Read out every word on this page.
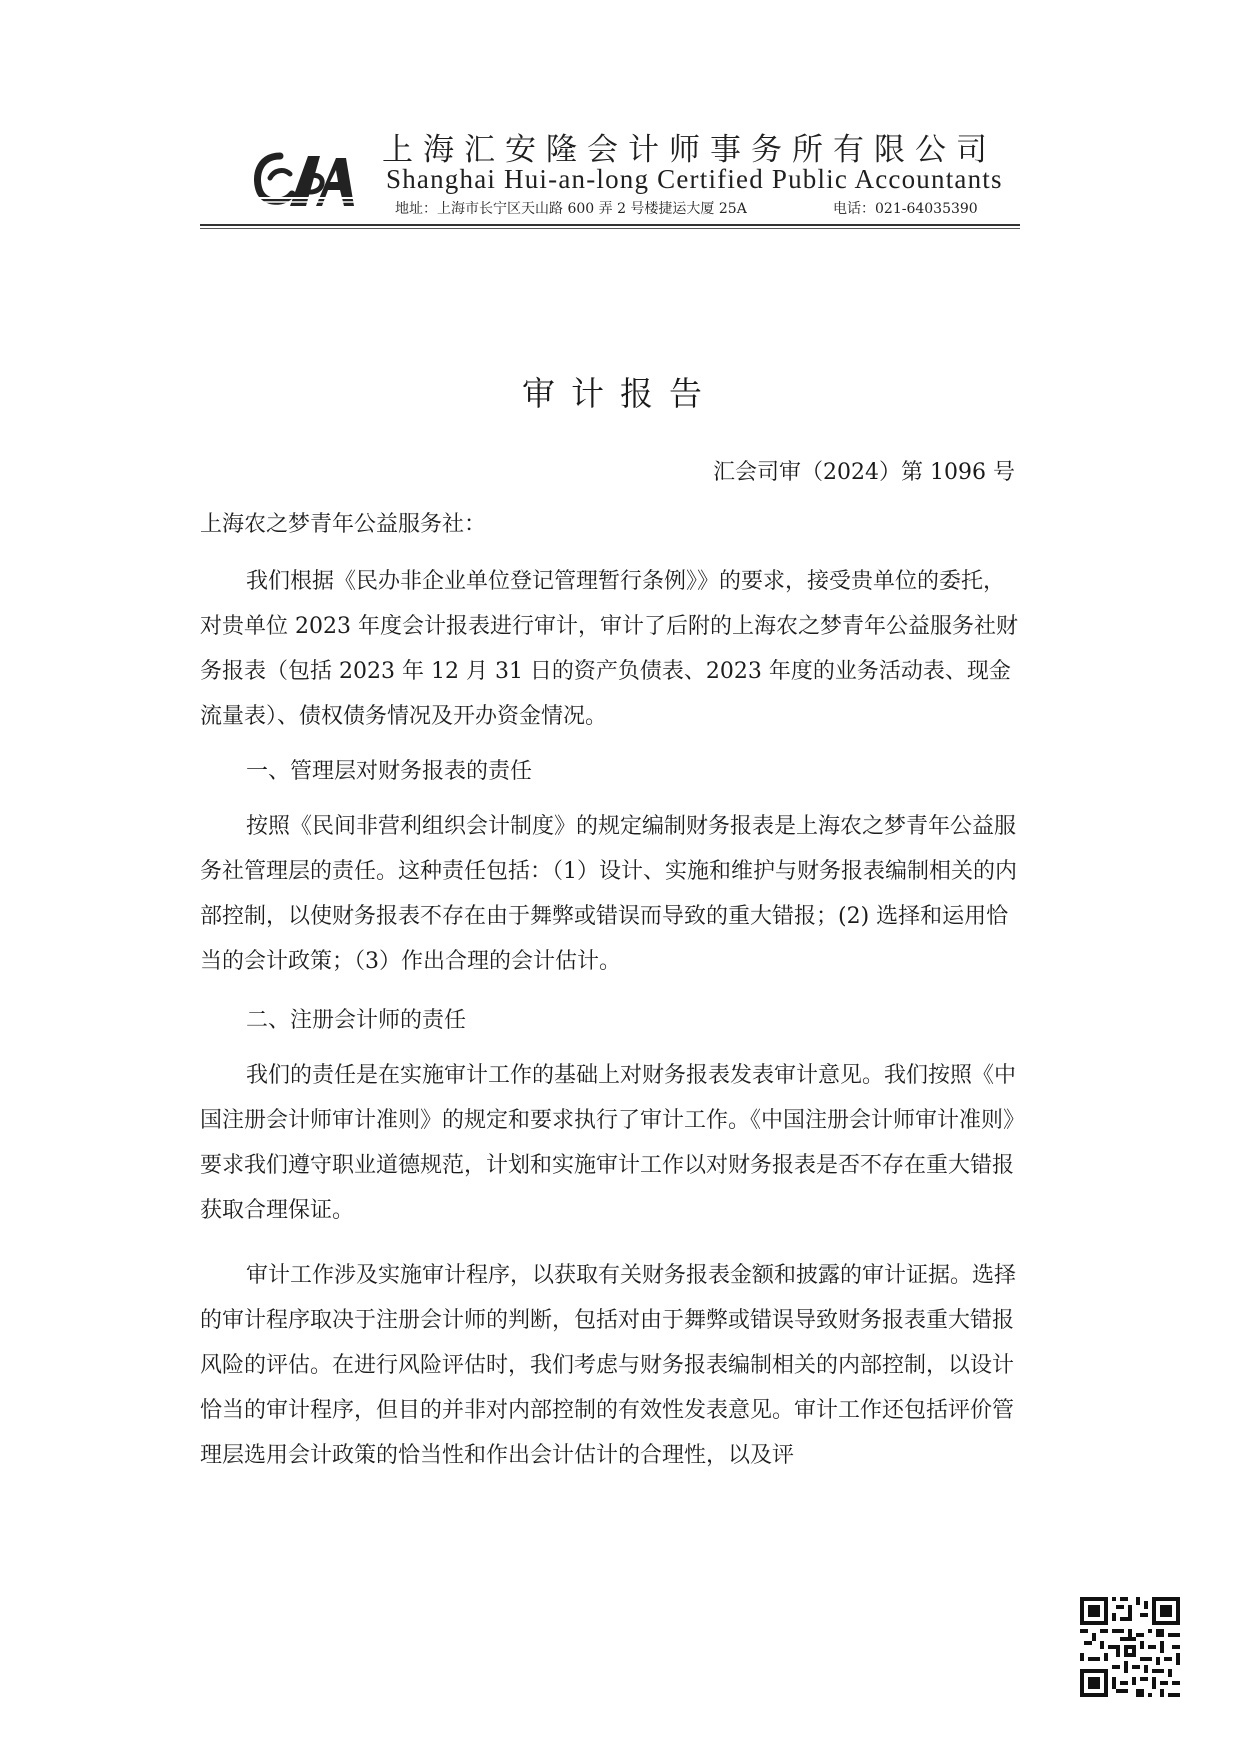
上海汇安隆会计师事务所有限公司
Shanghai Hui-an-long Certified Public Accountants
地址：上海市长宁区天山路 600 弄 2 号楼捷运大厦 25A	电话：021-64035390
审计报告
汇会司审（2024）第 1096 号

上海农之梦青年公益服务社：

我们根据《民办非企业单位登记管理暂行条例》》的要求，接受贵单位的委托，对贵单位 2023 年度会计报表进行审计，审计了后附的上海农之梦青年公益服务社财务报表（包括 2023 年 12 月 31 日的资产负债表、2023 年度的业务活动表、现金流量表）、债权债务情况及开办资金情况。

一、管理层对财务报表的责任

按照《民间非营利组织会计制度》的规定编制财务报表是上海农之梦青年公益服务社管理层的责任。这种责任包括：（1）设计、实施和维护与财务报表编制相关的内部控制，以使财务报表不存在由于舞弊或错误而导致的重大错报；(2) 选择和运用恰当的会计政策；（3）作出合理的会计估计。

二、注册会计师的责任

我们的责任是在实施审计工作的基础上对财务报表发表审计意见。我们按照《中国注册会计师审计准则》的规定和要求执行了审计工作。《中国注册会计师审计准则》要求我们遵守职业道德规范，计划和实施审计工作以对财务报表是否不存在重大错报获取合理保证。

审计工作涉及实施审计程序，以获取有关财务报表金额和披露的审计证据。选择的审计程序取决于注册会计师的判断，包括对由于舞弊或错误导致财务报表重大错报风险的评估。在进行风险评估时，我们考虑与财务报表编制相关的内部控制，以设计恰当的审计程序，但目的并非对内部控制的有效性发表意见。审计工作还包括评价管理层选用会计政策的恰当性和作出会计估计的合理性，以及评
